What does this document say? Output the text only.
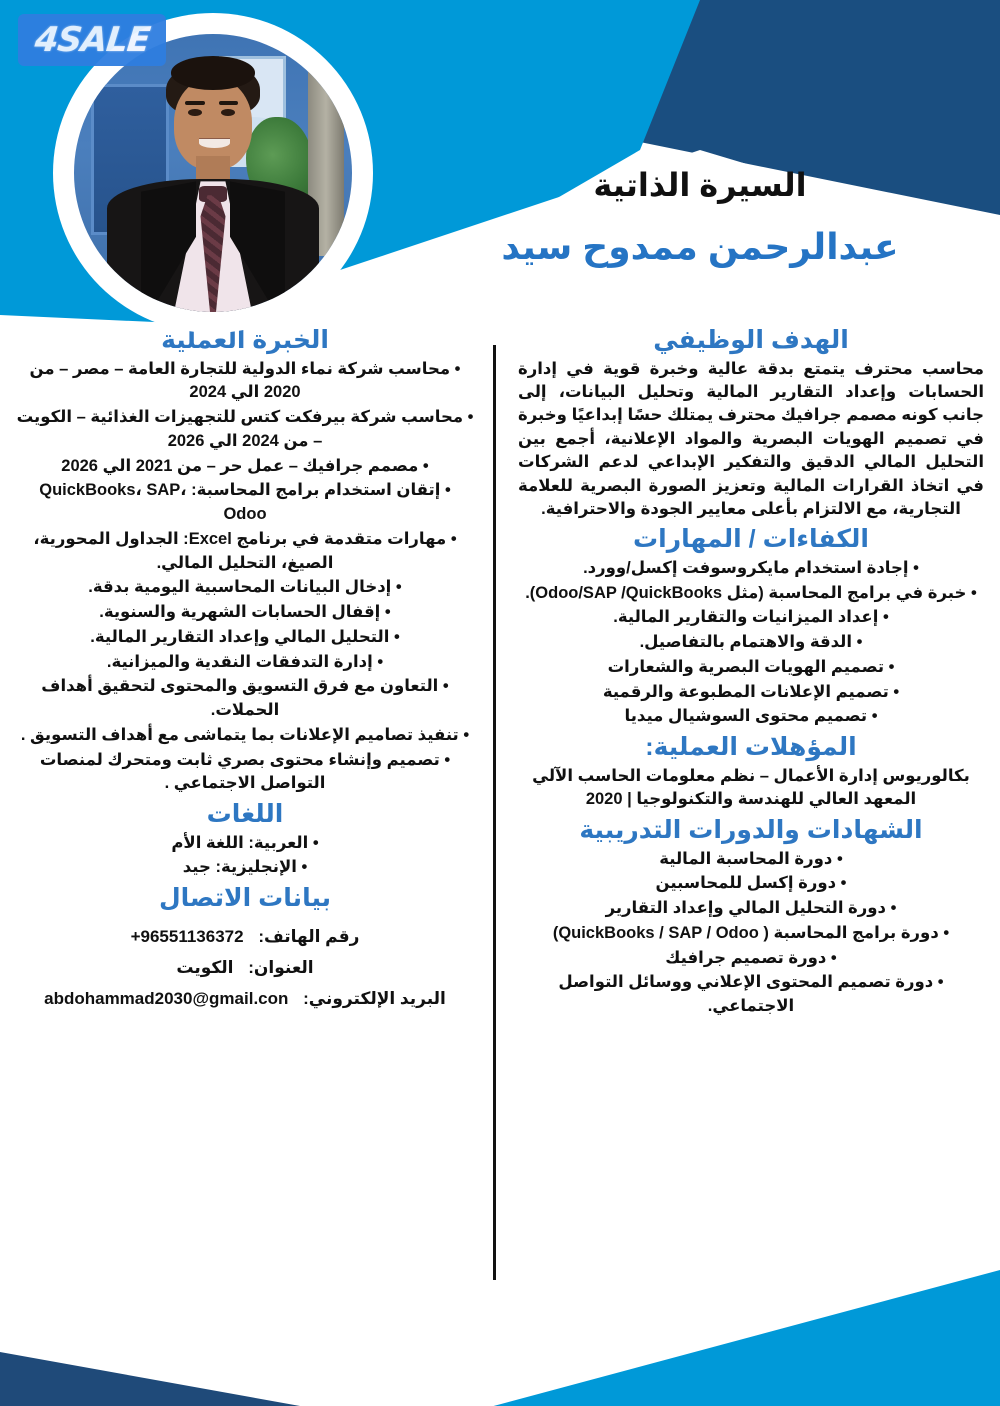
4SALE
السيرة الذاتية
عبدالرحمن ممدوح سيد
الهدف الوظيفي

محاسب محترف يتمتع بدقة عالية وخبرة قوية في إدارة الحسابات وإعداد التقارير المالية وتحليل البيانات، إلى جانب كونه مصمم جرافيك محترف يمتلك حسًا إبداعيًا وخبرة في تصميم الهويات البصرية والمواد الإعلانية، أجمع بين التحليل المالي الدقيق والتفكير الإبداعي لدعم الشركات في اتخاذ القرارات المالية وتعزيز الصورة البصرية للعلامة التجارية، مع الالتزام بأعلى معايير الجودة والاحترافية.

الكفاءات / المهارات
• إجادة استخدام مايكروسوفت إكسل/وورد.
• خبرة في برامج المحاسبة (مثل Odoo/SAP /QuickBooks).
• إعداد الميزانيات والتقارير المالية.
• الدقة والاهتمام بالتفاصيل.
• تصميم الهويات البصرية والشعارات
• تصميم الإعلانات المطبوعة والرقمية
• تصميم محتوى السوشيال ميديا
المؤهلات العملية:

بكالوريوس إدارة الأعمال – نظم معلومات الحاسب الآلي

المعهد العالي للهندسة والتكنولوجيا | 2020

الشهادات والدورات التدريبية
• دورة المحاسبة المالية
• دورة إكسل للمحاسبين
• دورة التحليل المالي وإعداد التقارير
• دورة برامج المحاسبة ( QuickBooks / SAP / Odoo)
• دورة تصميم جرافيك
• دورة تصميم المحتوى الإعلاني ووسائل التواصل الاجتماعي.
الخبرة العملية
• محاسب شركة نماء الدولية للتجارة العامة – مصر – من 2020 الي 2024
• محاسب شركة بيرفكت كتس للتجهيزات الغذائية – الكويت – من 2024 الي 2026
• مصمم جرافيك – عمل حر – من 2021 الي 2026
• إتقان استخدام برامج المحاسبة: QuickBooks، SAP، Odoo
• مهارات متقدمة في برنامج Excel: الجداول المحورية، الصيغ، التحليل المالي.
• إدخال البيانات المحاسبية اليومية بدقة.
• إقفال الحسابات الشهرية والسنوية.
• التحليل المالي وإعداد التقارير المالية.
• إدارة التدفقات النقدية والميزانية.
• التعاون مع فرق التسويق والمحتوى لتحقيق أهداف الحملات.
• تنفيذ تصاميم الإعلانات بما يتماشى مع أهداف التسويق .
• تصميم وإنشاء محتوى بصري ثابت ومتحرك لمنصات التواصل الاجتماعي .
اللغات
• العربية: اللغة الأم
• الإنجليزية: جيد
بيانات الاتصال

رقم الهاتف: +96551136372

العنوان: الكويت

البريد الإلكتروني: abdohammad2030@gmail.con
